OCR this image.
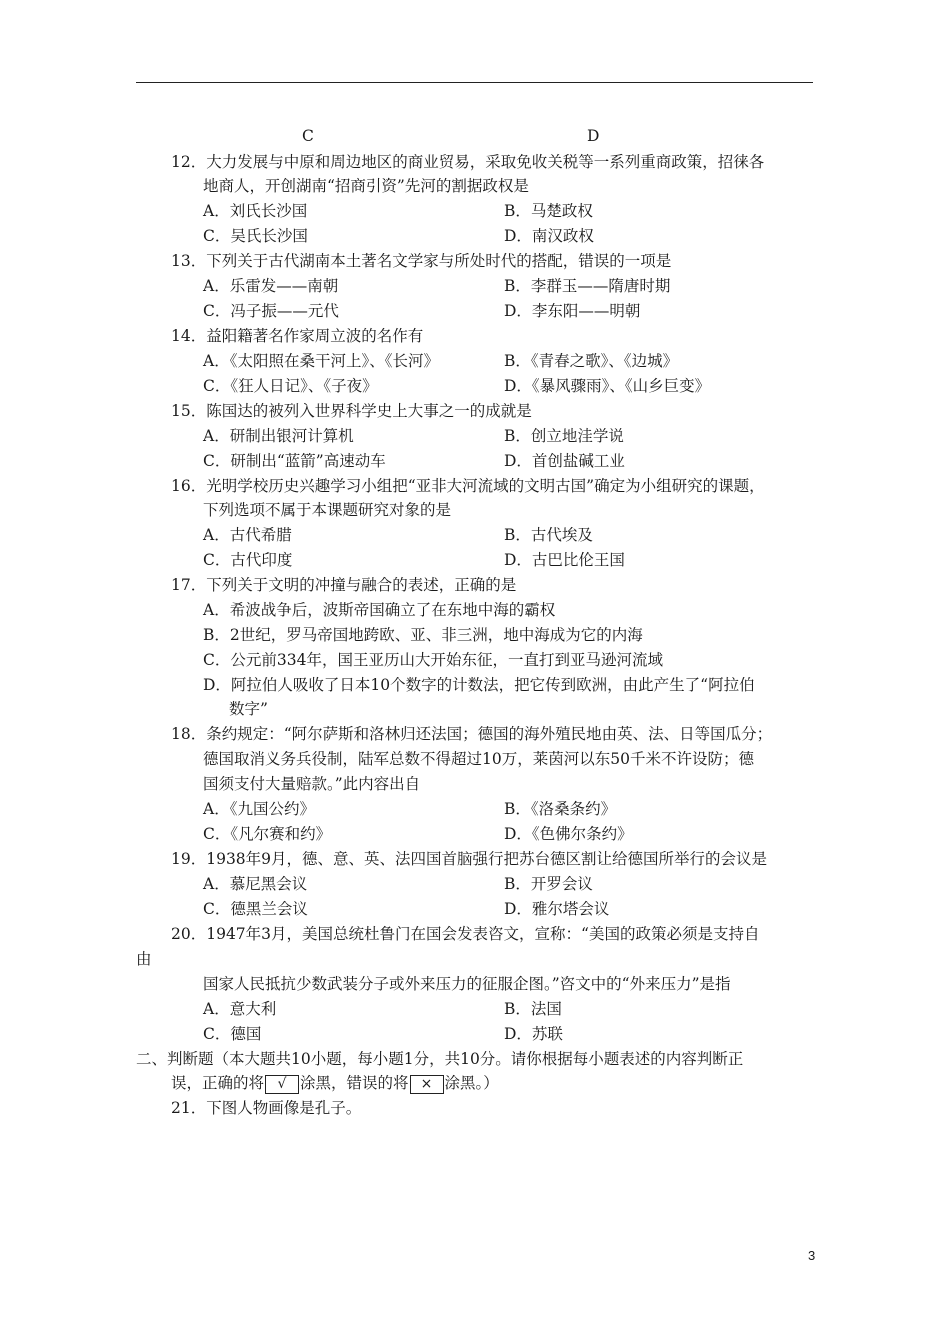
C	D
12．大力发展与中原和周边地区的商业贸易，采取免收关税等一系列重商政策，招徕各
地商人，开创湖南“招商引资”先河的割据政权是
A．刘氏长沙国	B．马楚政权
C．吴氏长沙国	D．南汉政权
13．下列关于古代湖南本土著名文学家与所处时代的搭配，错误的一项是
A．乐雷发——南朝	B．李群玉——隋唐时期
C．冯子振——元代	D．李东阳——明朝
14．益阳籍著名作家周立波的名作有
A．《太阳照在桑干河上》、《长河》	B．《青春之歌》、《边城》
C．《狂人日记》、《子夜》	D．《暴风骤雨》、《山乡巨变》
15．陈国达的被列入世界科学史上大事之一的成就是
A．研制出银河计算机	B．创立地洼学说
C．研制出“蓝箭”高速动车	D．首创盐碱工业
16．光明学校历史兴趣学习小组把“亚非大河流域的文明古国”确定为小组研究的课题，
下列选项不属于本课题研究对象的是
A．古代希腊	B．古代埃及
C．古代印度	D．古巴比伦王国
17．下列关于文明的冲撞与融合的表述，正确的是
A．希波战争后，波斯帝国确立了在东地中海的霸权
B．2世纪，罗马帝国地跨欧、亚、非三洲，地中海成为它的内海
C．公元前334年，国王亚历山大开始东征，一直打到亚马逊河流域
D．阿拉伯人吸收了日本10个数字的计数法，把它传到欧洲，由此产生了“阿拉伯
数字”
18．条约规定：“阿尔萨斯和洛林归还法国；德国的海外殖民地由英、法、日等国瓜分；
德国取消义务兵役制，陆军总数不得超过10万，莱茵河以东50千米不许设防；德
国须支付大量赔款。”此内容出自
A．《九国公约》	B．《洛桑条约》
C．《凡尔赛和约》	D．《色佛尔条约》
19．1938年9月，德、意、英、法四国首脑强行把苏台德区割让给德国所举行的会议是
A．慕尼黑会议	B．开罗会议
C．德黑兰会议	D．雅尔塔会议
20．1947年3月，美国总统杜鲁门在国会发表咨文，宣称：“美国的政策必须是支持自
由
国家人民抵抗少数武装分子或外来压力的征服企图。”咨文中的“外来压力”是指
A．意大利	B．法国
C．德国	D．苏联
二、判断题（本大题共10小题，每小题1分，共10分。请你根据每小题表述的内容判断正
误，正确的将 √ 涂黑，错误的将 × 涂黑。）
21．下图人物画像是孔子。
3
